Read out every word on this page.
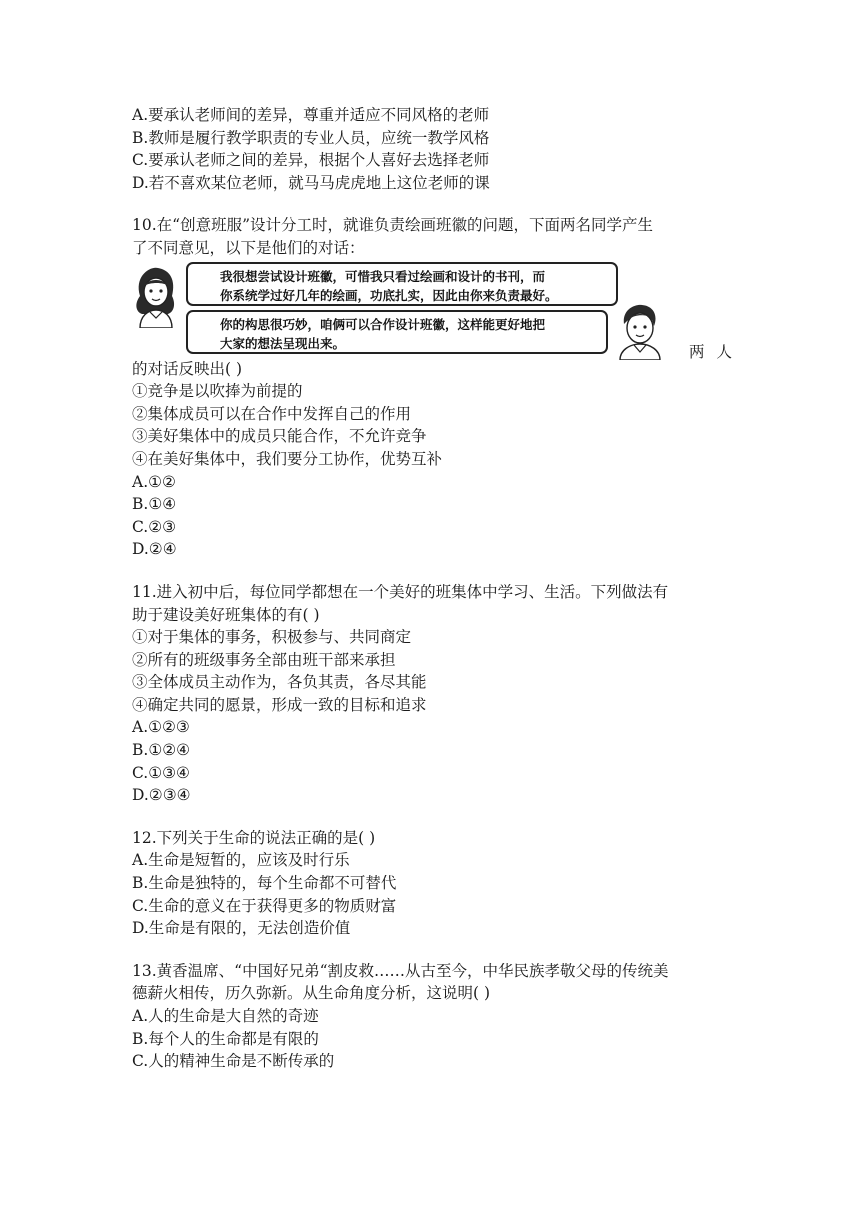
A.要承认老师间的差异，尊重并适应不同风格的老师
B.教师是履行教学职责的专业人员，应统一教学风格
C.要承认老师之间的差异，根据个人喜好去选择老师
D.若不喜欢某位老师，就马马虎虎地上这位老师的课
10.在“创意班服”设计分工时，就谁负责绘画班徽的问题，下面两名同学产生
了不同意见，以下是他们的对话：
我很想尝试设计班徽，可惜我只看过绘画和设计的书刊，而
你系统学过好几年的绘画，功底扎实，因此由你来负责最好。
你的构思很巧妙，咱俩可以合作设计班徽，这样能更好地把
大家的想法呈现出来。	两人
的对话反映出( )
①竞争是以吹捧为前提的
②集体成员可以在合作中发挥自己的作用
③美好集体中的成员只能合作，不允许竞争
④在美好集体中，我们要分工协作，优势互补
A.①②
B.①④
C.②③
D.②④
11.进入初中后，每位同学都想在一个美好的班集体中学习、生活。下列做法有
助于建设美好班集体的有( )
①对于集体的事务，积极参与、共同商定
②所有的班级事务全部由班干部来承担
③全体成员主动作为，各负其责，各尽其能
④确定共同的愿景，形成一致的目标和追求
A.①②③
B.①②④
C.①③④
D.②③④
12.下列关于生命的说法正确的是( )
A.生命是短暂的，应该及时行乐
B.生命是独特的，每个生命都不可替代
C.生命的意义在于获得更多的物质财富
D.生命是有限的，无法创造价值
13.黄香温席、“中国好兄弟“割皮救……从古至今，中华民族孝敬父母的传统美
德薪火相传，历久弥新。从生命角度分析，这说明( )
A.人的生命是大自然的奇迹
B.每个人的生命都是有限的
C.人的精神生命是不断传承的
